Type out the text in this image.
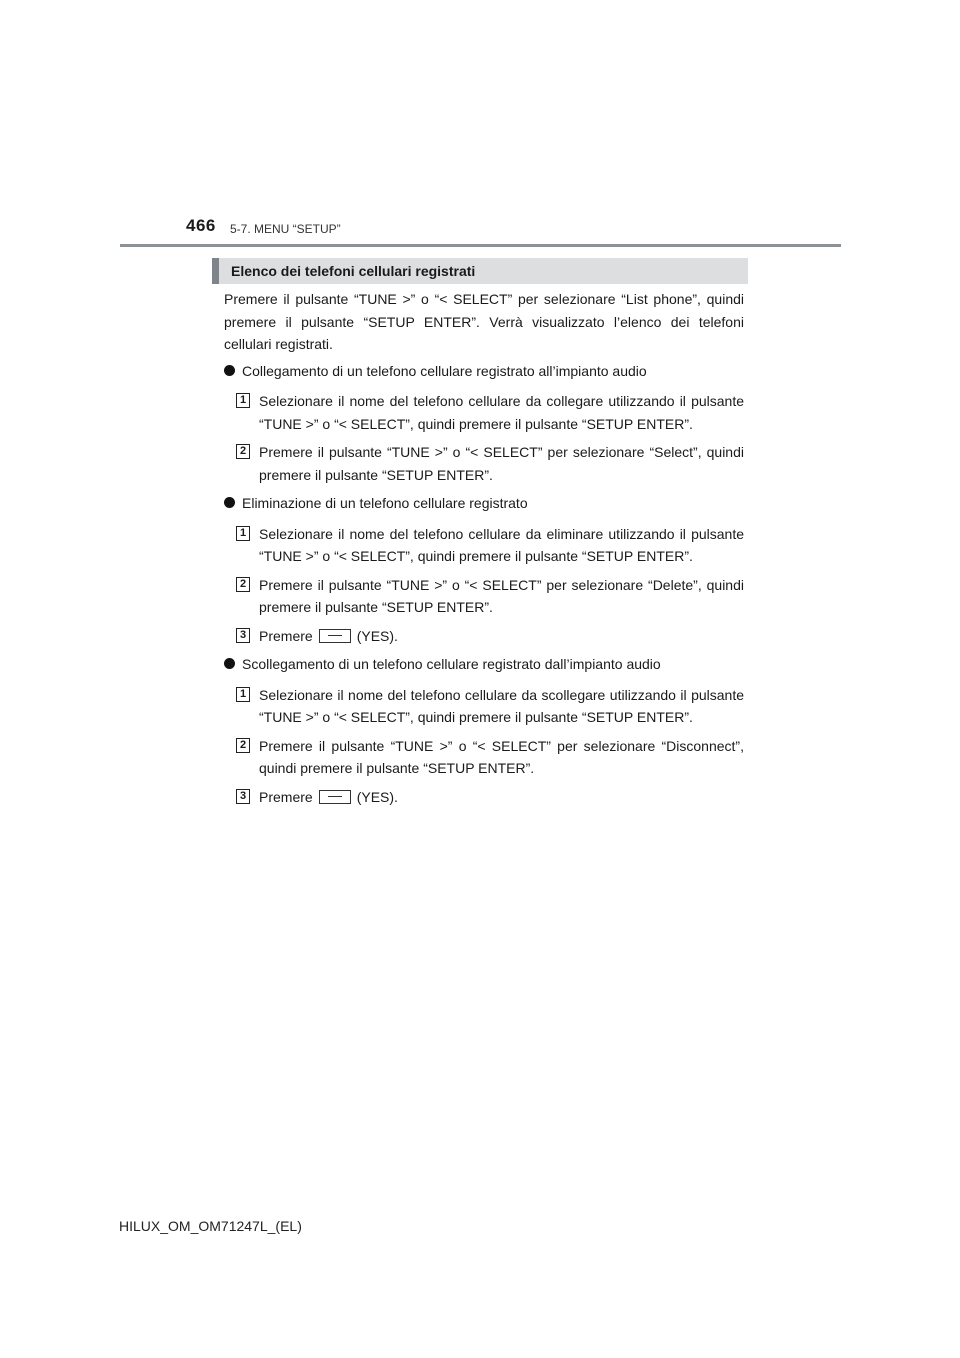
466 5-7. MENU “SETUP”
Elenco dei telefoni cellulari registrati

Premere il pulsante “TUNE >” o “< SELECT” per selezionare “List phone”, quindi premere il pulsante “SETUP ENTER”. Verrà visualizzato l’elenco dei telefoni cellulari registrati.

Collegamento di un telefono cellulare registrato all’impianto audio
1 Selezionare il nome del telefono cellulare da collegare utilizzando il pulsante “TUNE >” o “< SELECT”, quindi premere il pulsante “SETUP ENTER”.
2 Premere il pulsante “TUNE >” o “< SELECT” per selezionare “Select”, quindi premere il pulsante “SETUP ENTER”.
Eliminazione di un telefono cellulare registrato
1 Selezionare il nome del telefono cellulare da eliminare utilizzando il pulsante “TUNE >” o “< SELECT”, quindi premere il pulsante “SETUP ENTER”.
2 Premere il pulsante “TUNE >” o “< SELECT” per selezionare “Delete”, quindi premere il pulsante “SETUP ENTER”.
3 Premere	(YES).
Scollegamento di un telefono cellulare registrato dall’impianto audio
1 Selezionare il nome del telefono cellulare da scollegare utilizzando il pulsante “TUNE >” o “< SELECT”, quindi premere il pulsante “SETUP ENTER”.
2 Premere il pulsante “TUNE >” o “< SELECT” per selezionare “Disconnect”, quindi premere il pulsante “SETUP ENTER”.
3 Premere	(YES).
HILUX_OM_OM71247L_(EL)
